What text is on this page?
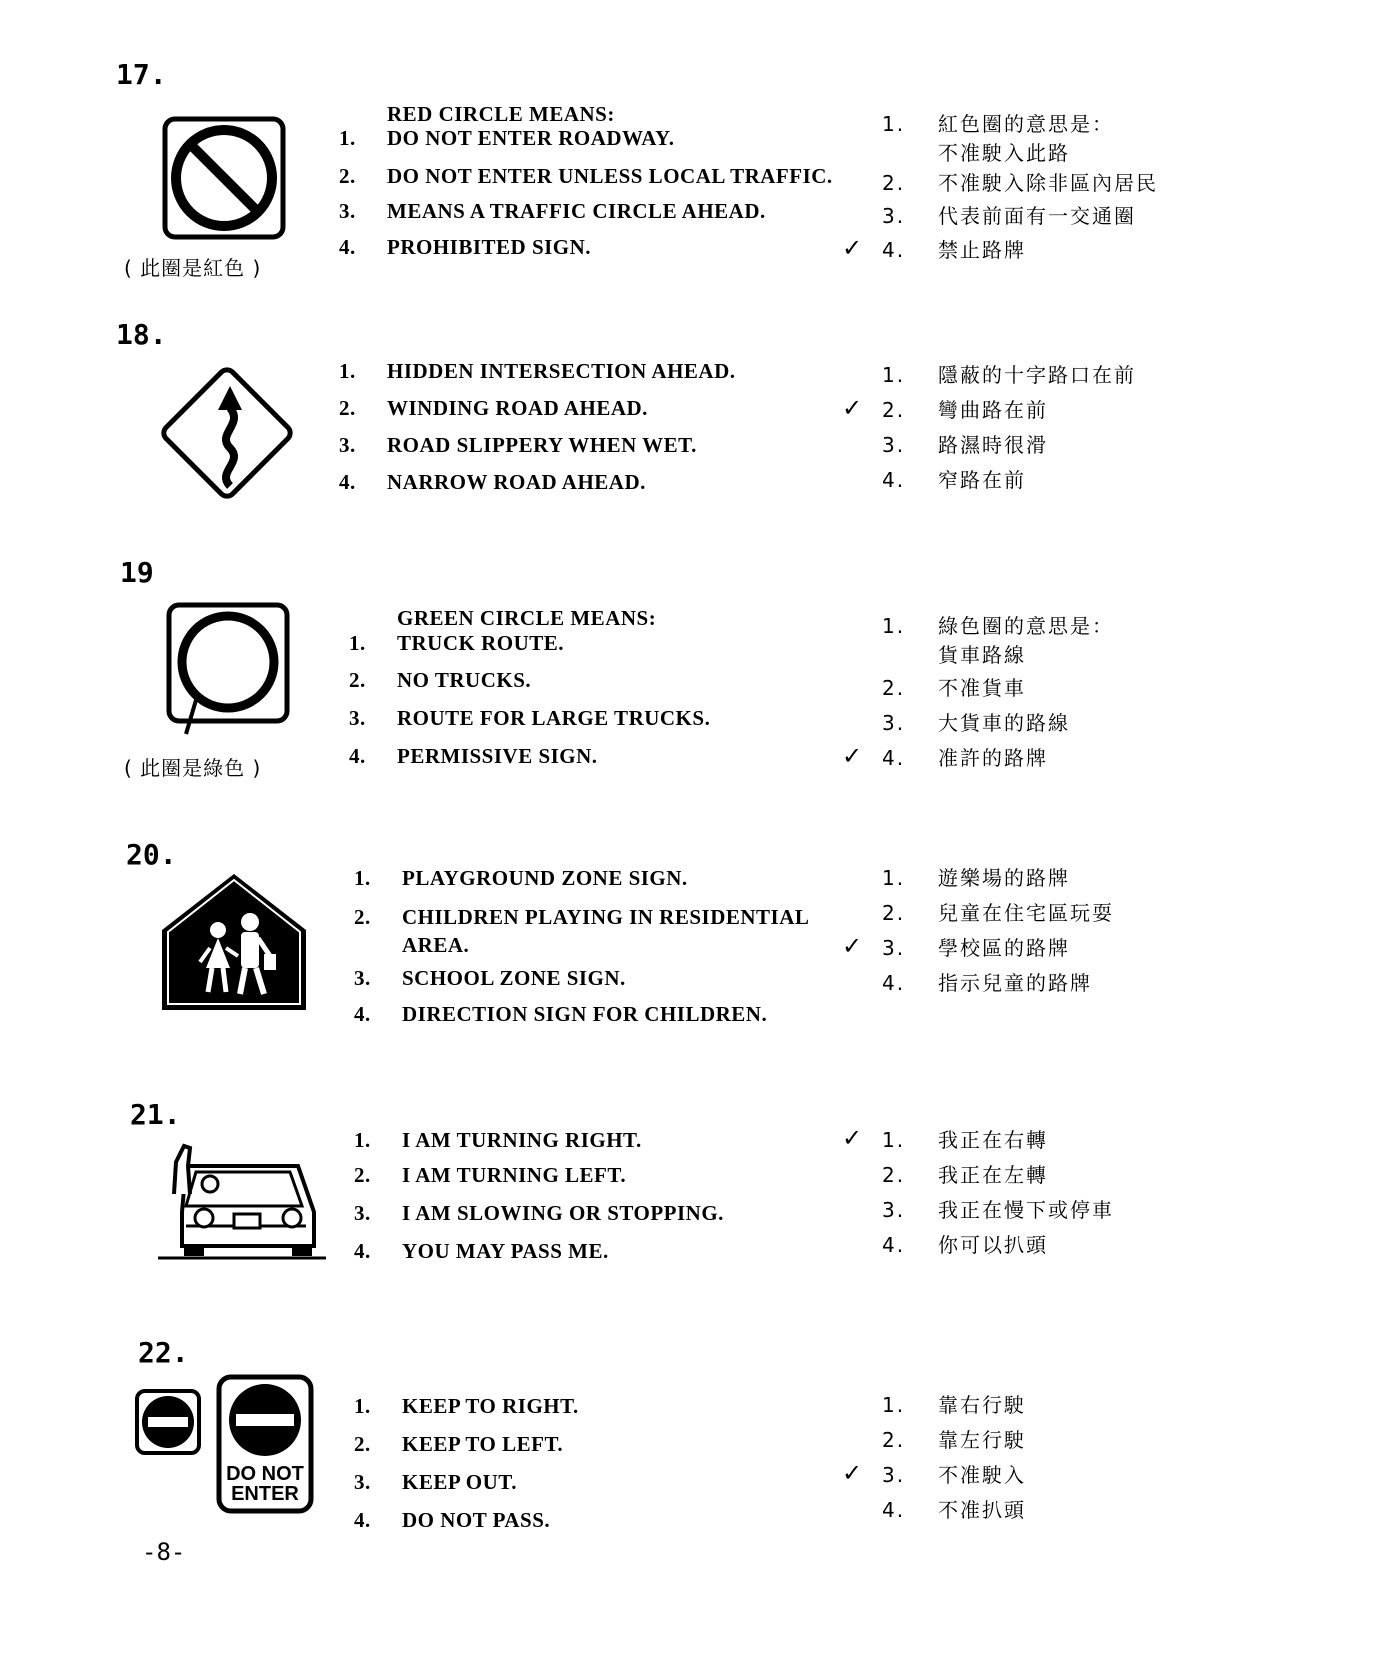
17.
( 此圈是紅色 )
RED CIRCLE MEANS:
1. DO NOT ENTER ROADWAY.
2. DO NOT ENTER UNLESS LOCAL TRAFFIC.
3. MEANS A TRAFFIC CIRCLE AHEAD.
4. PROHIBITED SIGN.
1. 紅色圈的意思是：
不准駛入此路
2. 不准駛入除非區內居民
3. 代表前面有一交通圈
4. 禁止路牌
✓
18.
1. HIDDEN INTERSECTION AHEAD.
2. WINDING ROAD AHEAD.
3. ROAD SLIPPERY WHEN WET.
4. NARROW ROAD AHEAD.
1. 隱蔽的十字路口在前
2. 彎曲路在前
3. 路濕時很滑
4. 窄路在前
✓
19
( 此圈是綠色 )
GREEN CIRCLE MEANS:
1. TRUCK ROUTE.
2. NO TRUCKS.
3. ROUTE FOR LARGE TRUCKS.
4. PERMISSIVE SIGN.
1. 綠色圈的意思是：
貨車路線
2. 不准貨車
3. 大貨車的路線
4. 准許的路牌
✓
20.
1. PLAYGROUND ZONE SIGN.
2. CHILDREN PLAYING IN RESIDENTIAL
AREA.
3. SCHOOL ZONE SIGN.
4. DIRECTION SIGN FOR CHILDREN.
1. 遊樂場的路牌
2. 兒童在住宅區玩耍
3. 學校區的路牌
4. 指示兒童的路牌
✓
21.
1. I AM TURNING RIGHT.
2. I AM TURNING LEFT.
3. I AM SLOWING OR STOPPING.
4. YOU MAY PASS ME.
1. 我正在右轉
2. 我正在左轉
3. 我正在慢下或停車
4. 你可以扒頭
✓
22.
DO NOT
ENTER
1. KEEP TO RIGHT.
2. KEEP TO LEFT.
3. KEEP OUT.
4. DO NOT PASS.
1. 靠右行駛
2. 靠左行駛
3. 不准駛入
4. 不准扒頭
✓
-8-
